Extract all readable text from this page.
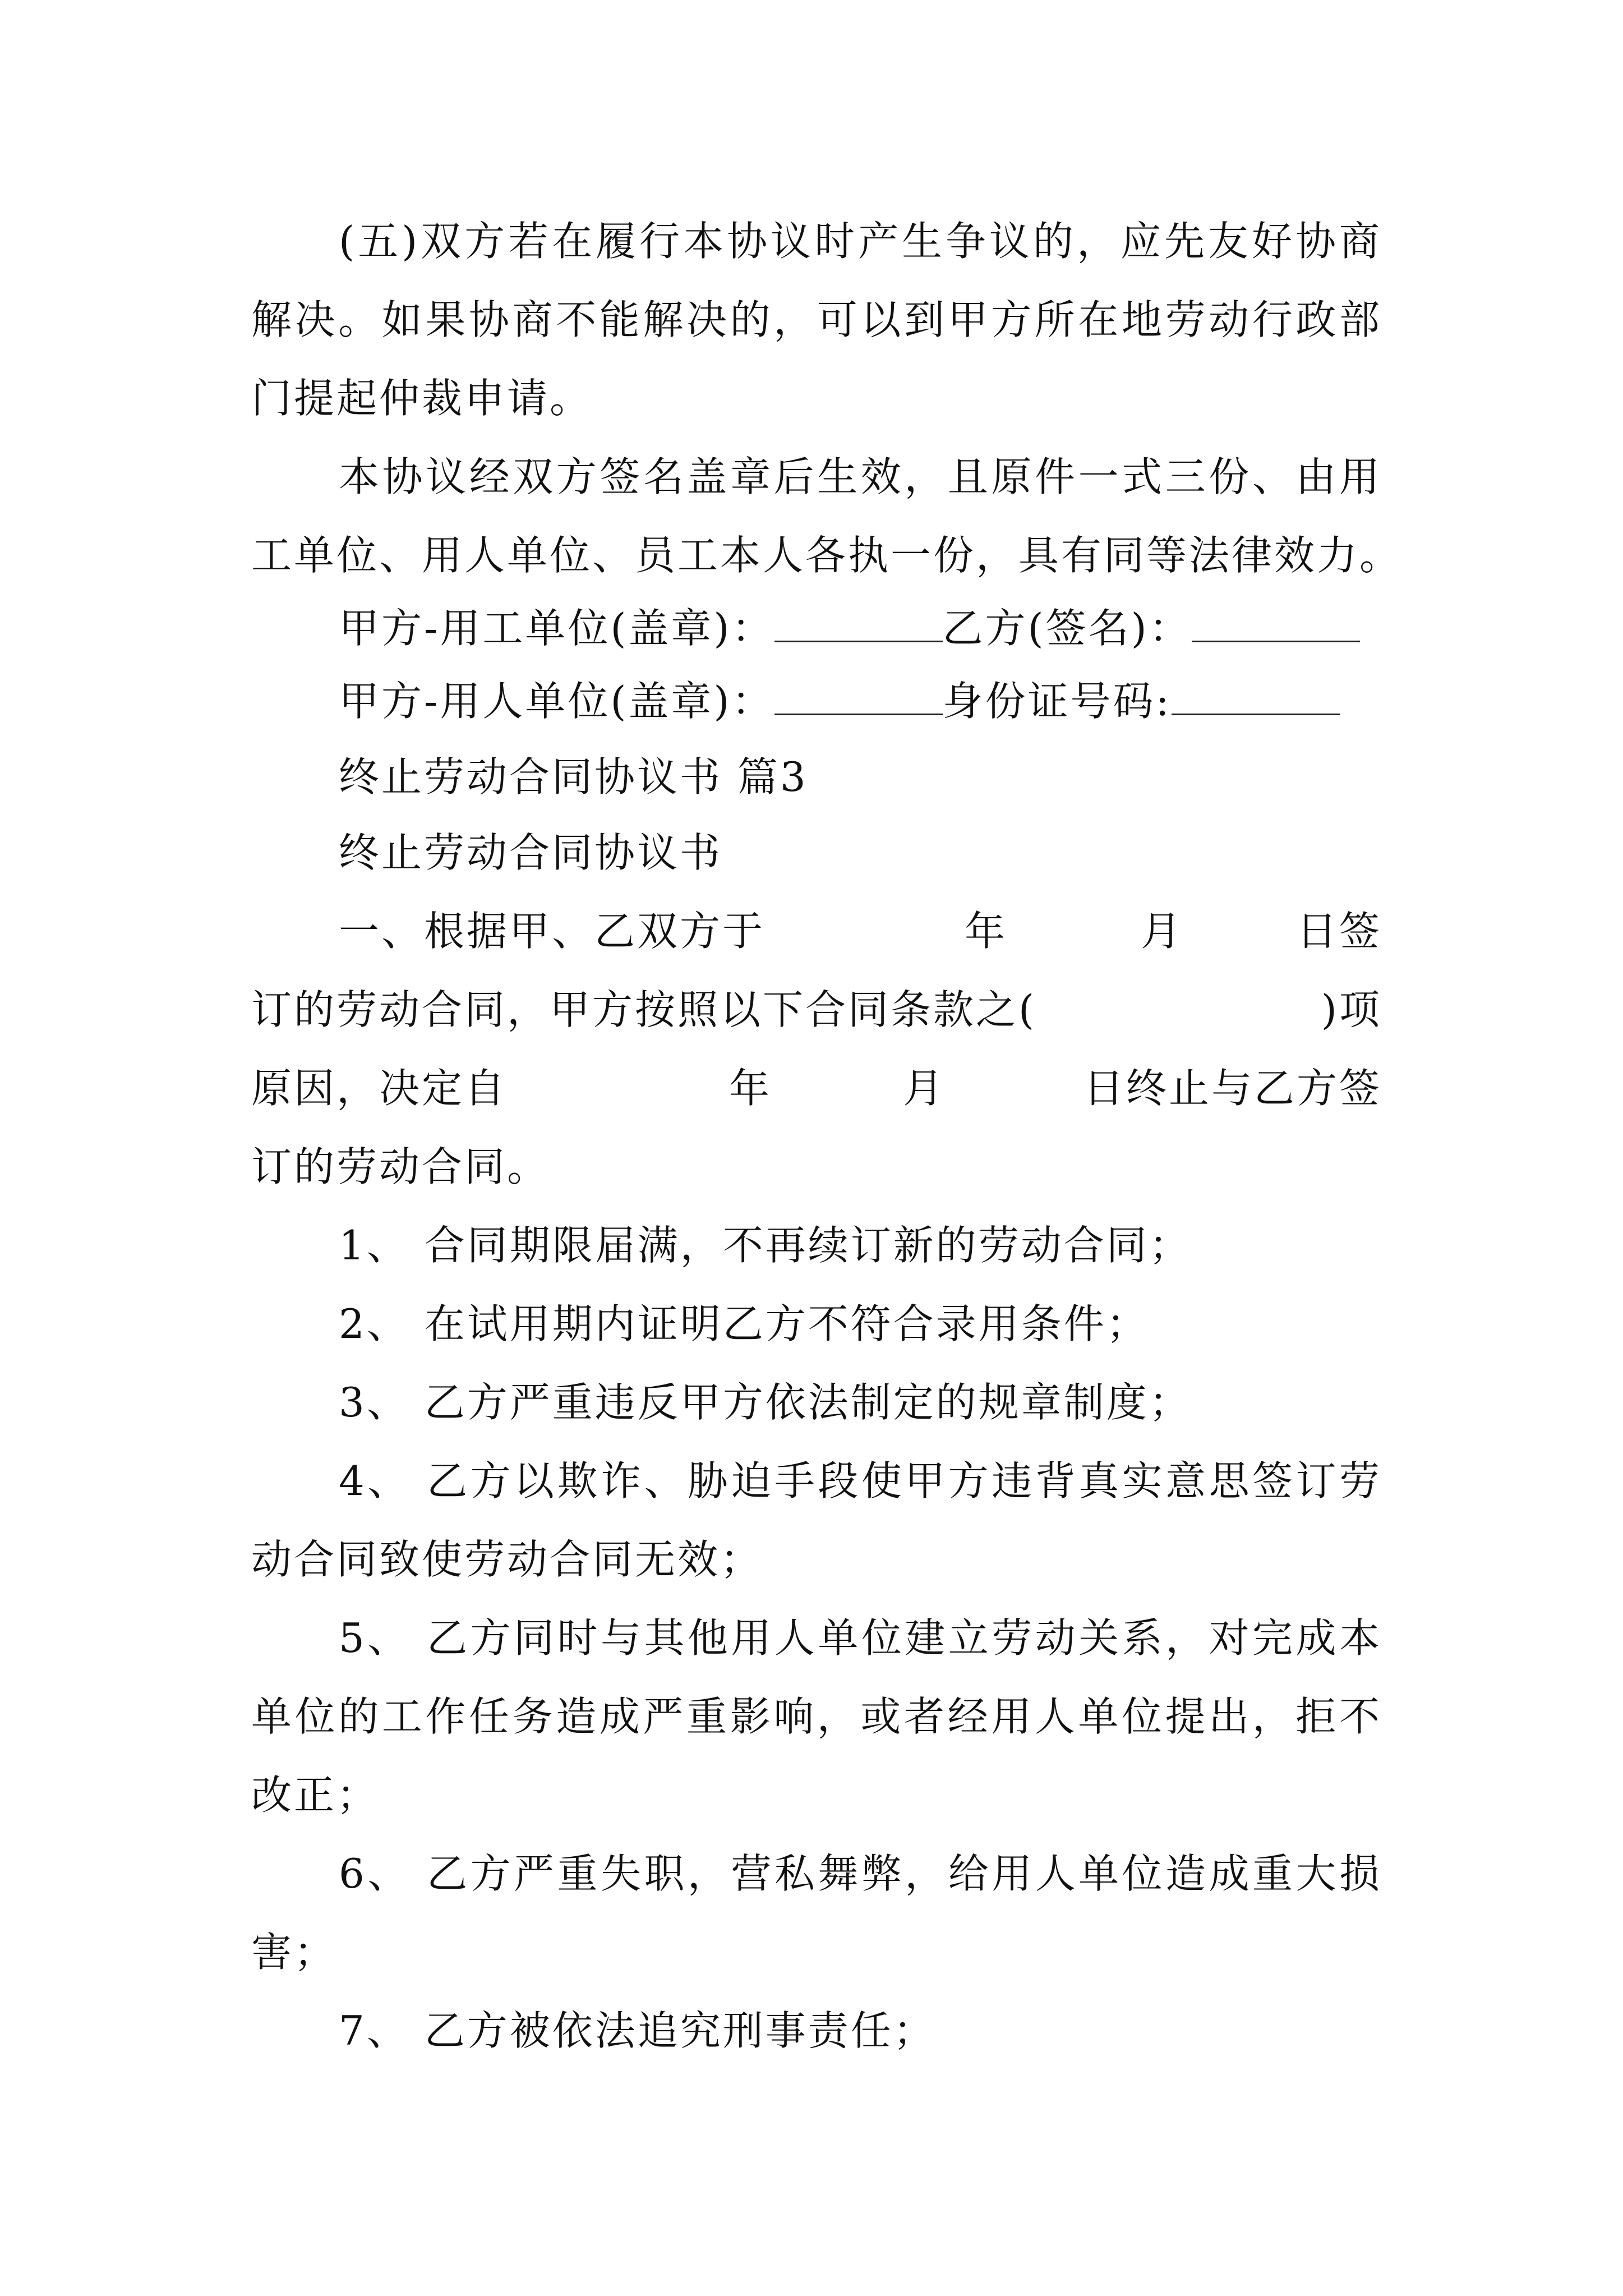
(五)双方若在履行本协议时产生争议的，应先友好协商
解决。如果协商不能解决的，可以到甲方所在地劳动行政部
门提起仲裁申请。
本协议经双方签名盖章后生效，且原件一式三份、由用
工单位、用人单位、员工本人各执一份，具有同等法律效力。
甲方-用工单位(盖章)：	乙方(签名)：
甲方-用人单位(盖章)：	身份证号码:
终止劳动合同协议书 篇3
终止劳动合同协议书
一、根据甲、乙双方于	年	月	日签
订的劳动合同，甲方按照以下合同条款之(	)项
原因，决定自	年	月	日终止与乙方签
订的劳动合同。
1、 合同期限届满，不再续订新的劳动合同；
2、 在试用期内证明乙方不符合录用条件；
3、 乙方严重违反甲方依法制定的规章制度；
4、 乙方以欺诈、胁迫手段使甲方违背真实意思签订劳
动合同致使劳动合同无效；
5、 乙方同时与其他用人单位建立劳动关系，对完成本
单位的工作任务造成严重影响，或者经用人单位提出，拒不
改正；
6、 乙方严重失职，营私舞弊，给用人单位造成重大损
害；
7、 乙方被依法追究刑事责任；
